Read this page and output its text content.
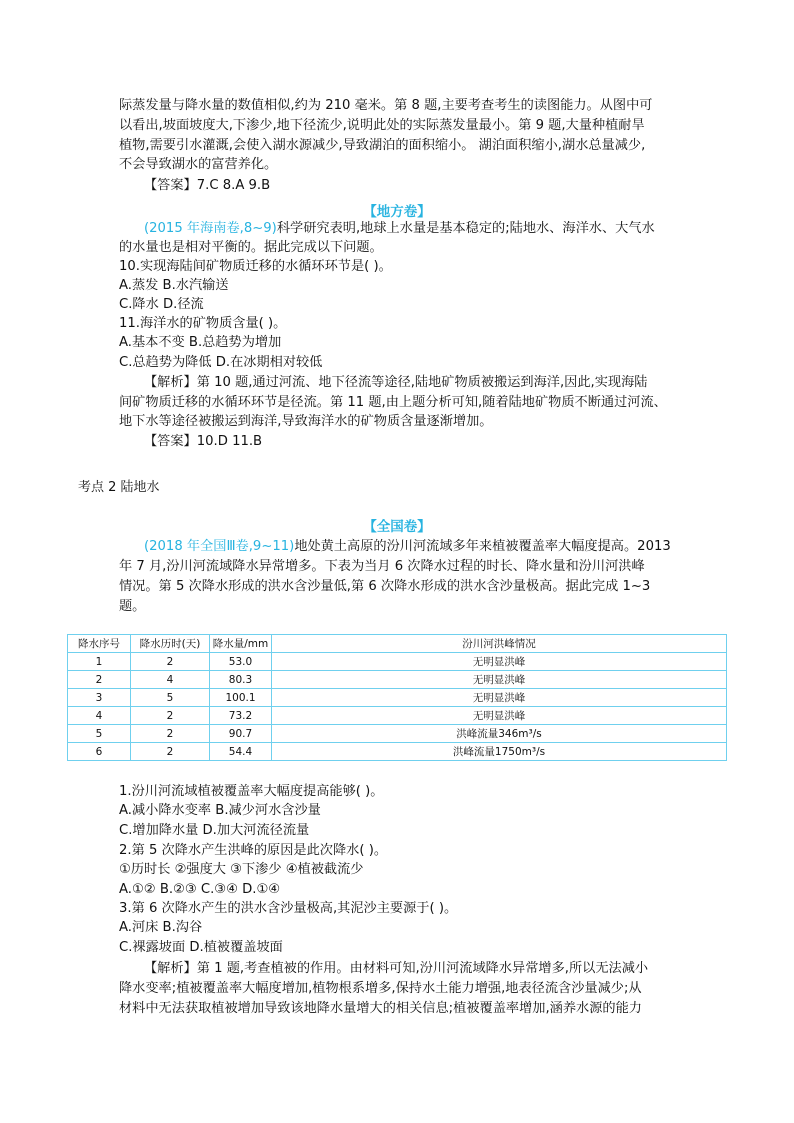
际蒸发量与降水量的数值相似,约为 210 毫米。第 8 题,主要考查考生的读图能力。从图中可
以看出,坡面坡度大,下渗少,地下径流少,说明此处的实际蒸发量最小。第 9 题,大量种植耐旱
植物,需要引水灌溉,会使入湖水源减少,导致湖泊的面积缩小。 湖泊面积缩小,湖水总量减少,
不会导致湖水的富营养化。
【答案】7.C 8.A 9.B
【地方卷】
(2015 年海南卷,8~9)科学研究表明,地球上水量是基本稳定的;陆地水、海洋水、大气水
的水量也是相对平衡的。据此完成以下问题。
10.实现海陆间矿物质迁移的水循环环节是( )。
A.蒸发 B.水汽输送
C.降水 D.径流
11.海洋水的矿物质含量( )。
A.基本不变 B.总趋势为增加
C.总趋势为降低 D.在冰期相对较低
【解析】第 10 题,通过河流、地下径流等途径,陆地矿物质被搬运到海洋,因此,实现海陆
间矿物质迁移的水循环环节是径流。第 11 题,由上题分析可知,随着陆地矿物质不断通过河流、
地下水等途径被搬运到海洋,导致海洋水的矿物质含量逐渐增加。
【答案】10.D 11.B
考点 2 陆地水
【全国卷】
(2018 年全国Ⅲ卷,9~11)地处黄土高原的汾川河流域多年来植被覆盖率大幅度提高。2013
年 7 月,汾川河流域降水异常增多。下表为当月 6 次降水过程的时长、降水量和汾川河洪峰
情况。第 5 次降水形成的洪水含沙量低,第 6 次降水形成的洪水含沙量极高。据此完成 1~3
题。
降水序号	降水历时(天)	降水量/mm	汾川河洪峰情况
1	2	53.0	无明显洪峰
2	4	80.3	无明显洪峰
3	5	100.1	无明显洪峰
4	2	73.2	无明显洪峰
5	2	90.7	洪峰流量346m³/s
6	2	54.4	洪峰流量1750m³/s
1.汾川河流域植被覆盖率大幅度提高能够( )。
A.减小降水变率 B.减少河水含沙量
C.增加降水量 D.加大河流径流量
2.第 5 次降水产生洪峰的原因是此次降水( )。
①历时长 ②强度大 ③下渗少 ④植被截流少
A.①② B.②③ C.③④ D.①④
3.第 6 次降水产生的洪水含沙量极高,其泥沙主要源于( )。
A.河床 B.沟谷
C.裸露坡面 D.植被覆盖坡面
【解析】第 1 题,考查植被的作用。由材料可知,汾川河流域降水异常增多,所以无法减小
降水变率;植被覆盖率大幅度增加,植物根系增多,保持水土能力增强,地表径流含沙量减少;从
材料中无法获取植被增加导致该地降水量增大的相关信息;植被覆盖率增加,涵养水源的能力
